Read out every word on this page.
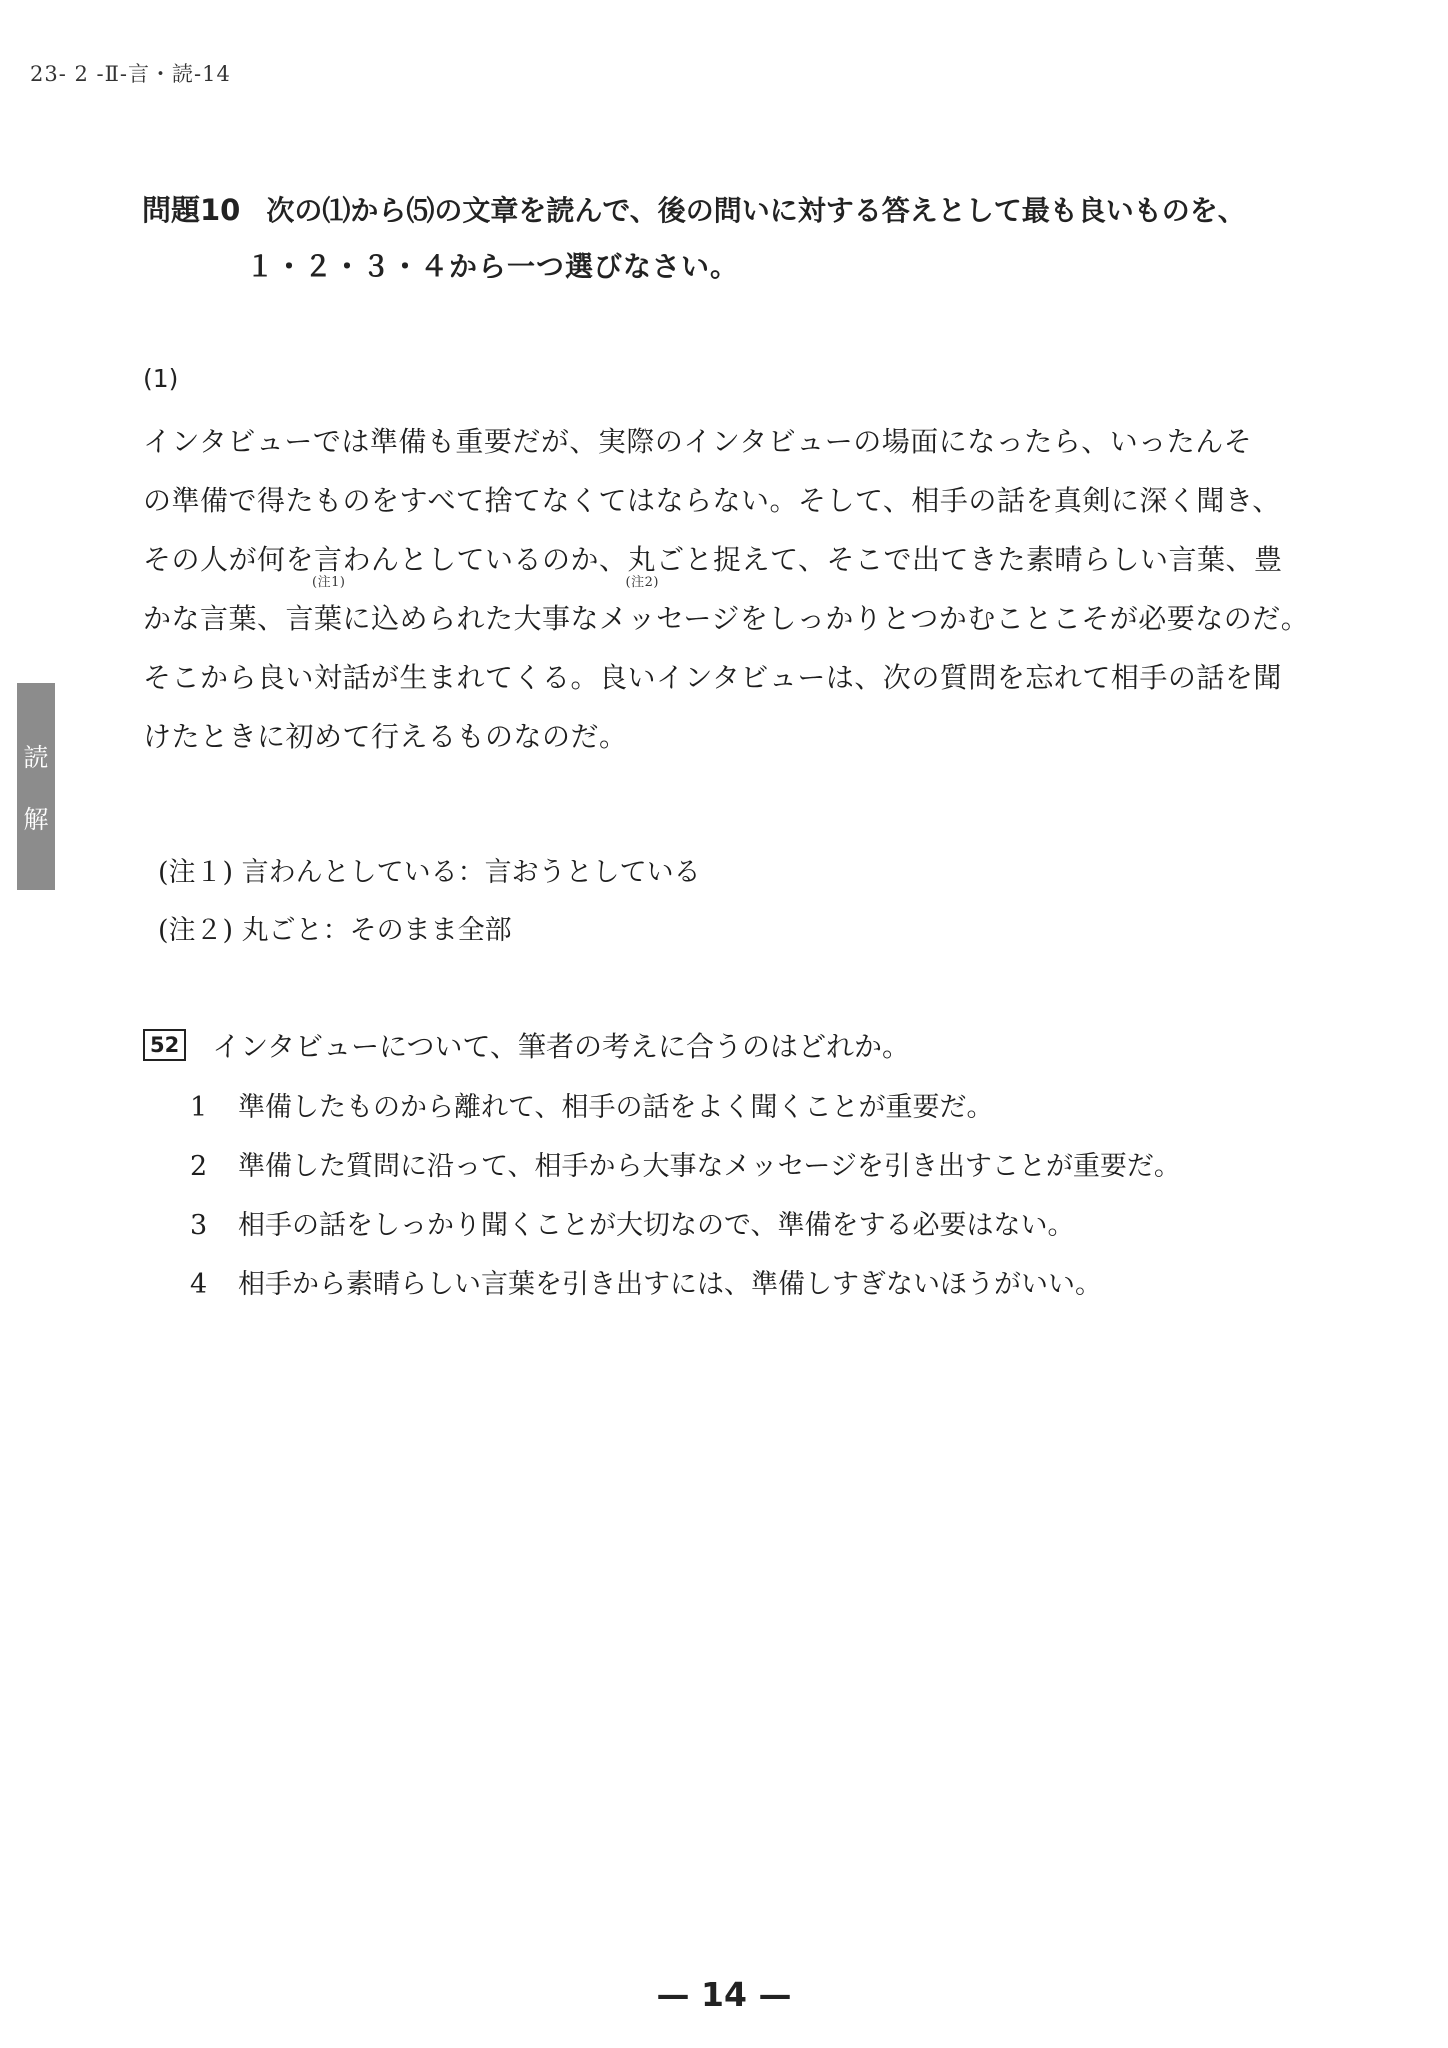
23- 2 -Ⅱ-言・読-14
読
解
問題10 次の⑴から⑸の文章を読んで、後の問いに対する答えとして最も良いものを、
１・２・３・４から一つ選びなさい。
(1)
インタビューでは準備も重要だが、実際のインタビューの場面になったら、いったんそ
の準備で得たものをすべて捨てなくてはならない。そして、相手の話を真剣に深く聞き、
その人が何を言
(注1)
わんとしているのか、丸
(注2)
ごと捉えて、そこで出てきた素晴らしい言葉、豊
かな言葉、言葉に込められた大事なメッセージをしっかりとつかむことこそが必要なのだ。
そこから良い対話が生まれてくる。良いインタビューは、次の質問を忘れて相手の話を聞
けたときに初めて行えるものなのだ。
(注１) 言わんとしている：言おうとしている
(注２) 丸ごと：そのまま全部
52 インタビューについて、筆者の考えに合うのはどれか。
1 準備したものから離れて、相手の話をよく聞くことが重要だ。
2 準備した質問に沿って、相手から大事なメッセージを引き出すことが重要だ。
3 相手の話をしっかり聞くことが大切なので、準備をする必要はない。
4 相手から素晴らしい言葉を引き出すには、準備しすぎないほうがいい。
— 14 —
